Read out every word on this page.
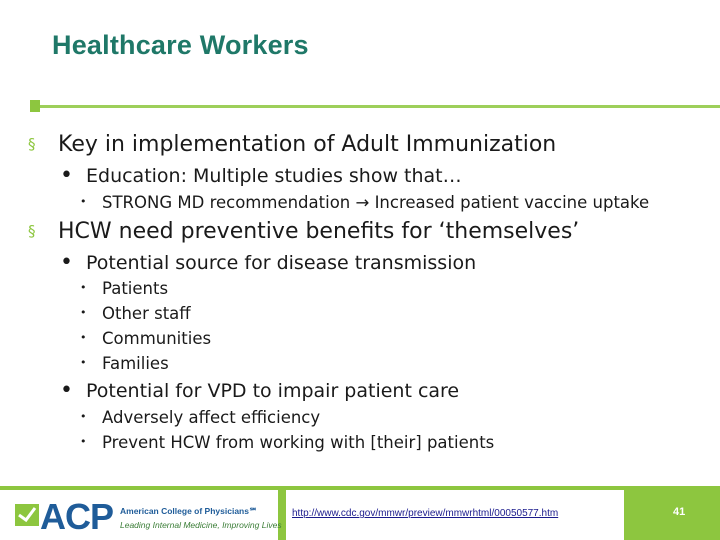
Healthcare Workers
§ Key in implementation of Adult Immunization
• Education: Multiple studies show that…
• STRONG MD recommendation → Increased patient vaccine uptake
§ HCW need preventive benefits for ‘themselves’
• Potential source for disease transmission
• Patients
• Other staff
• Communities
• Families
• Potential for VPD to impair patient care
• Adversely affect efficiency
• Prevent HCW from working with [their] patients
ACP American College of Physicians℠
Leading Internal Medicine, Improving Lives
http://www.cdc.gov/mmwr/preview/mmwrhtml/00050577.htm	41
